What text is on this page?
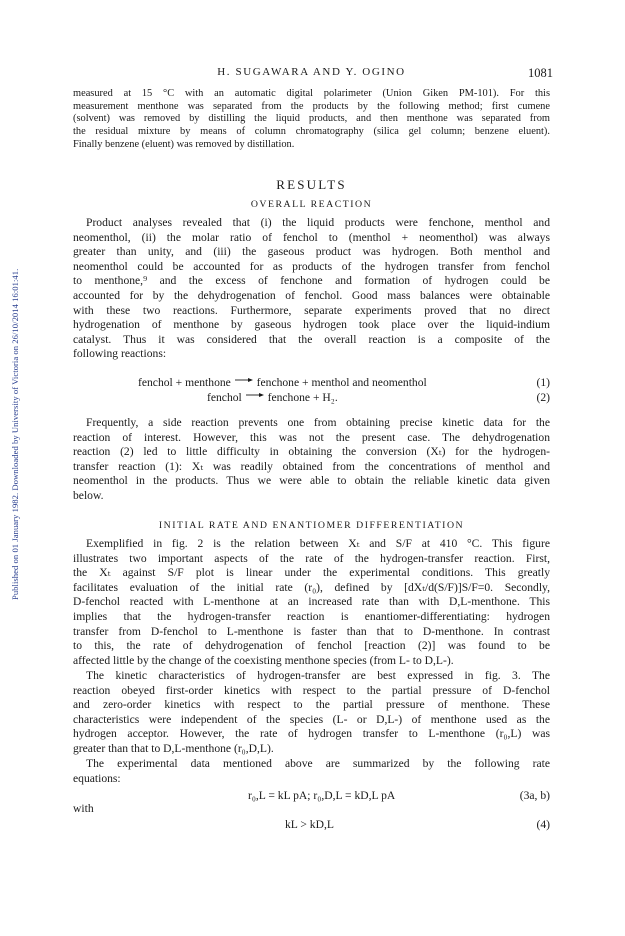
Published on 01 January 1982. Downloaded by University of Victoria on 26/10/2014 16:01:41.
H. SUGAWARA AND Y. OGINO	1081
measured at 15 °C with an automatic digital polarimeter (Union Giken PM-101). For this
measurement menthone was separated from the products by the following method; first cumene
(solvent) was removed by distilling the liquid products, and then menthone was separated from
the residual mixture by means of column chromatography (silica gel column; benzene eluent).
Finally benzene (eluent) was removed by distillation.
RESULTS
OVERALL REACTION
Product analyses revealed that (i) the liquid products were fenchone, menthol and
neomenthol, (ii) the molar ratio of fenchol to (menthol + neomenthol) was always
greater than unity, and (iii) the gaseous product was hydrogen. Both menthol and
neomenthol could be accounted for as products of the hydrogen transfer from fenchol
to menthone,⁹ and the excess of fenchone and formation of hydrogen could be
accounted for by the dehydrogenation of fenchol. Good mass balances were obtainable
with these two reactions. Furthermore, separate experiments proved that no direct
hydrogenation of menthone by gaseous hydrogen took place over the liquid-indium
catalyst. Thus it was considered that the overall reaction is a composite of the
following reactions:
fenchol + menthone fenchone + menthol and neomenthol	(1)
fenchol fenchone + H₂.	(2)
Frequently, a side reaction prevents one from obtaining precise kinetic data for the
reaction of interest. However, this was not the present case. The dehydrogenation
reaction (2) led to little difficulty in obtaining the conversion (Xₜ) for the hydrogen-
transfer reaction (1): Xₜ was readily obtained from the concentrations of menthol and
neomenthol in the products. Thus we were able to obtain the reliable kinetic data given
below.
INITIAL RATE AND ENANTIOMER DIFFERENTIATION
Exemplified in fig. 2 is the relation between Xₜ and S/F at 410 °C. This figure
illustrates two important aspects of the rate of the hydrogen-transfer reaction. First,
the Xₜ against S/F plot is linear under the experimental conditions. This greatly
facilitates evaluation of the initial rate (r₀), defined by [dXₜ/d(S/F)]S/F=0. Secondly,
D-fenchol reacted with L-menthone at an increased rate than with D,L-menthone. This
implies that the hydrogen-transfer reaction is enantiomer-differentiating: hydrogen
transfer from D-fenchol to L-menthone is faster than that to D-menthone. In contrast
to this, the rate of dehydrogenation of fenchol [reaction (2)] was found to be
affected little by the change of the coexisting menthone species (from L- to D,L-).
The kinetic characteristics of hydrogen-transfer are best expressed in fig. 3. The
reaction obeyed first-order kinetics with respect to the partial pressure of D-fenchol
and zero-order kinetics with respect to the partial pressure of menthone. These
characteristics were independent of the species (L- or D,L-) of menthone used as the
hydrogen acceptor. However, the rate of hydrogen transfer to L-menthone (r₀,L) was
greater than that to D,L-menthone (r₀,D,L).
The experimental data mentioned above are summarized by the following rate
equations:
r₀,L = kL pA; r₀,D,L = kD,L pA	(3a, b)
with
kL > kD,L	(4)
